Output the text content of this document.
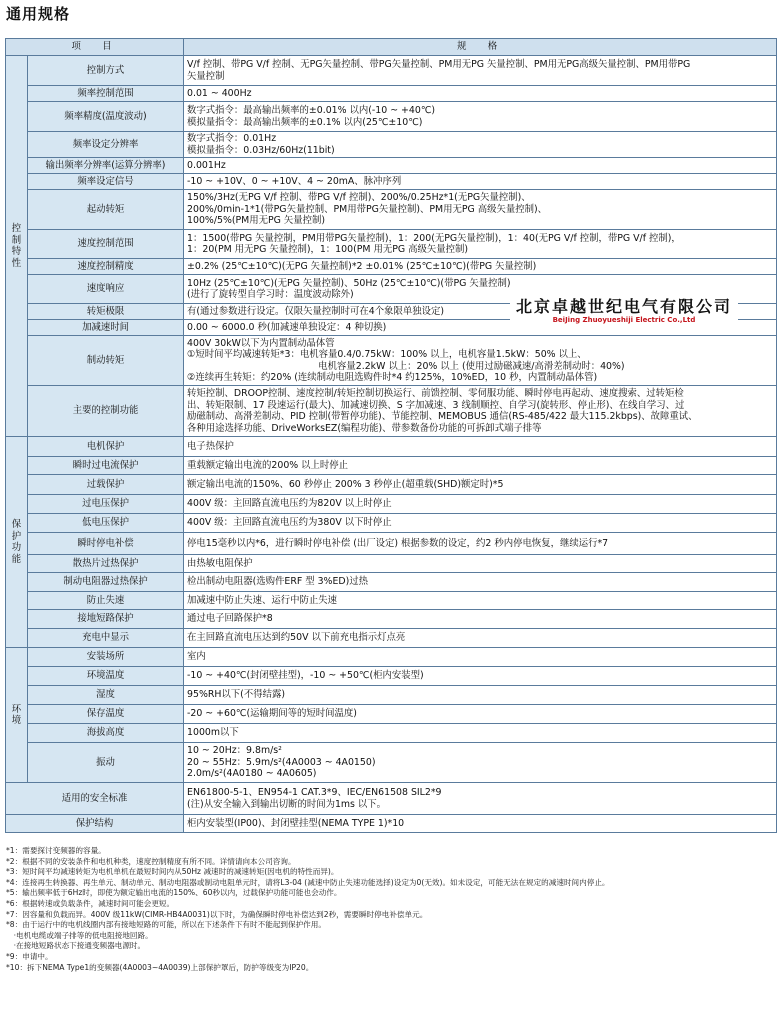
通用规格
项　目		规　格

控
制
特
性	控制方式	V/f 控制、带PG V/f 控制、无PG矢量控制、带PG矢量控制、PM用无PG 矢量控制、PM用无PG高级矢量控制、PM用带PG
矢量控制

	频率控制范围	0.01 ~ 400Hz

	频率精度(温度波动)	数字式指令：最高输出频率的±0.01% 以内(-10 ~ +40℃)
模拟量指令：最高输出频率的±0.1% 以内(25℃±10℃)

	频率设定分辨率	数字式指令：0.01Hz
模拟量指令：0.03Hz/60Hz(11bit)

	输出频率分辨率(运算分辨率)	0.001Hz

	频率设定信号	-10 ~ +10V、0 ~ +10V、4 ~ 20mA、脉冲序列

	起动转矩	150%/3Hz(无PG V/f 控制、带PG V/f 控制)、200%/0.25Hz*1(无PG矢量控制)、
200%/0min-1*1(带PG矢量控制、PM用带PG矢量控制)、PM用无PG 高级矢量控制)、
100%/5%(PM用无PG 矢量控制)

	速度控制范围	1：1500(带PG 矢量控制，PM用带PG矢量控制)，1：200(无PG矢量控制)，1：40(无PG V/f 控制，带PG V/f 控制)，
1：20(PM 用无PG 矢量控制)，1：100(PM 用无PG 高级矢量控制)

	速度控制精度	±0.2% (25℃±10℃)(无PG 矢量控制)*2 ±0.01% (25℃±10℃)(带PG 矢量控制)

	速度响应	10Hz (25℃±10℃)(无PG 矢量控制)、50Hz (25℃±10℃)(带PG 矢量控制)
(进行了旋转型自学习时：温度波动除外)

	转矩极限	有(通过参数进行设定。仅限矢量控制时可在4个象限单独设定)

	加减速时间	0.00 ~ 6000.0 秒(加减速单独设定：4 种切换)

	制动转矩	400V 30kW以下为内置制动晶体管
①短时间平均减速转矩*3：电机容量0.4/0.75kW：100% 以上，电机容量1.5kW：50% 以上、
　　　　　　　　　　　　　　电机容量2.2kW 以上：20% 以上 (使用过励磁减速/高滑差制动时：40%)
②连续再生转矩：约20% (连续制动电阻选购件时*4 约125%，10%ED，10 秒，内置制动晶体管)

	主要的控制功能	转矩控制、DROOP控制、速度控制/转矩控制切换运行、前馈控制、零伺服功能、瞬时停电再起动、速度搜索、过转矩检
出、转矩限制、17 段速运行(最大)、加减速切换、S 字加减速、3 线制顺控、自学习(旋转形、停止形)、在线自学习、过
励磁制动、高滑差制动、PID 控制(带暂停功能)、节能控制、MEMOBUS 通信(RS-485/422 最大115.2kbps)、故障重试、
各种用途选择功能、DriveWorksEZ(编程功能)、带参数备份功能的可拆卸式端子排等

保
护
功
能	电机保护	电子热保护

	瞬时过电流保护	重载额定输出电流的200% 以上时停止

	过载保护	额定输出电流的150%、60 秒停止 200% 3 秒停止(超重载(SHD)额定时)*5

	过电压保护	400V 级：主回路直流电压约为820V 以上时停止

	低电压保护	400V 级：主回路直流电压约为380V 以下时停止

	瞬时停电补偿	停电15毫秒以内*6，进行瞬时停电补偿 (出厂设定) 根据参数的设定，约2 秒内停电恢复，继续运行*7

	散热片过热保护	由热敏电阻保护

	制动电阻器过热保护	检出制动电阻器(选购件ERF 型 3%ED)过热

	防止失速	加减速中防止失速、运行中防止失速

	接地短路保护	通过电子回路保护*8

	充电中显示	在主回路直流电压达到约50V 以下前充电指示灯点亮

环
境	安装场所	室内

	环境温度	-10 ~ +40℃(封闭壁挂型)，-10 ~ +50℃(柜内安装型)

	湿度	95%RH以下(不得结露)

	保存温度	-20 ~ +60℃(运输期间等的短时间温度)

	海拔高度	1000m以下

	振动	10 ~ 20Hz：9.8m/s²
20 ~ 55Hz：5.9m/s²(4A0003 ~ 4A0150)
2.0m/s²(4A0180 ~ 4A0605)

适用的安全标准		EN61800-5-1、EN954-1 CAT.3*9、IEC/EN61508 SIL2*9
(注)从安全输入到输出切断的时间为1ms 以下。

保护结构		柜内安装型(IP00)、封闭壁挂型(NEMA TYPE 1)*10
北京卓越世纪电气有限公司
BeiJing Zhuoyueshiji Electric Co.,Ltd
*1：需要探讨变频器的容量。
*2：根据不同的安装条件和电机种类，速度控制精度有所不同。详情请向本公司咨询。
*3：短时间平均减速转矩为电机单机在最短时间内从50Hz 减速时的减速转矩(因电机的特性而异)。
*4：连接再生转换器、再生单元、制动单元、制动电阻器或制动电阻单元时，请将L3-04 (减速中防止失速功能选择)设定为0(无效)。如未设定，可能无法在规定的减速时间内停止。
*5：输出频率低于6Hz时，即使为额定输出电流的150%、60秒以内，过载保护功能可能也会动作。
*6：根据转速或负载条件，减速时间可能会更短。
*7：因容量和负载而异。400V 级11kW(CIMR-HB4A0031)以下时，为确保瞬时停电补偿达到2秒，需要瞬时停电补偿单元。
*8：由于运行中的电机线圈内部有接地短路的可能，所以在下述条件下有时不能起到保护作用。
　·电机电缆或端子排等的低电阻接地回路。
　·在接地短路状态下接通变频器电源时。
*9：申请中。
*10：拆下NEMA Type1的变频器(4A0003~4A0039)上部保护罩后，防护等级变为IP20。
